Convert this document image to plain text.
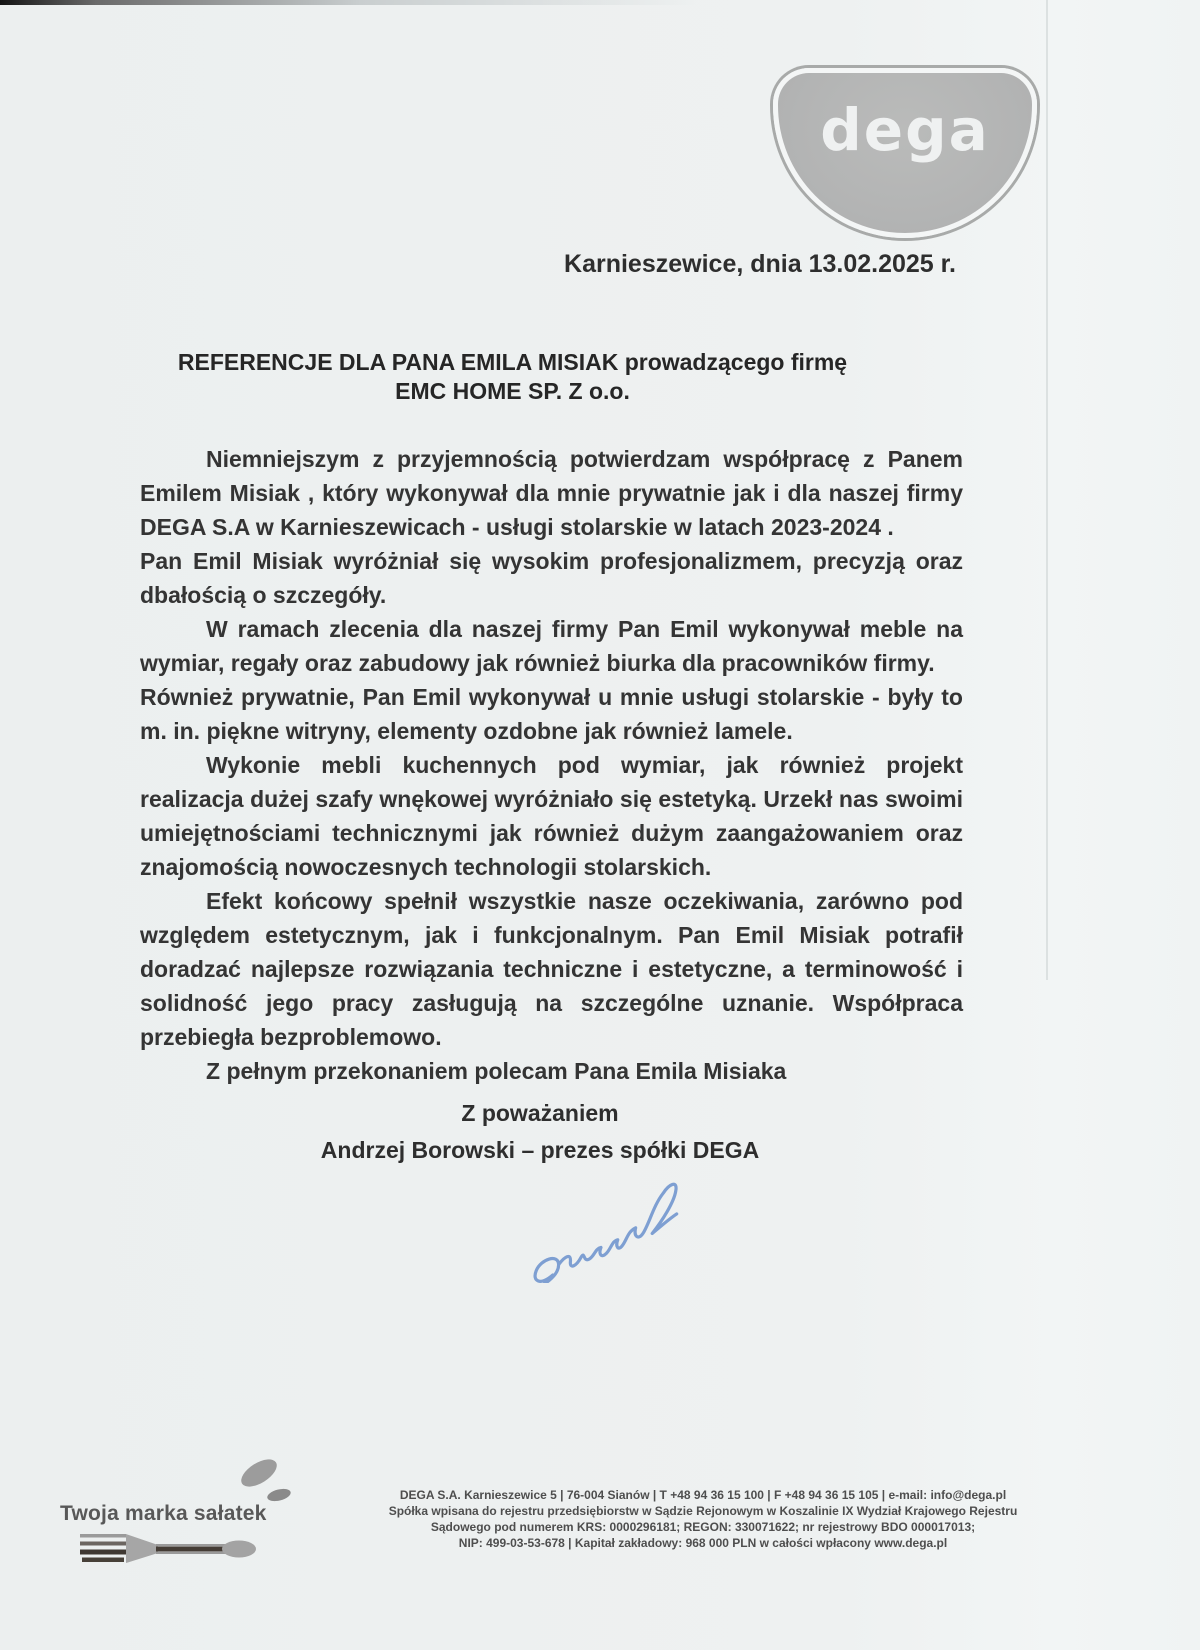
dega
Karnieszewice, dnia 13.02.2025 r.
REFERENCJE DLA PANA EMILA MISIAK prowadzącego firmę
EMC HOME SP. Z o.o.

Niemniejszym z przyjemnością potwierdzam współpracę z Panem Emilem Misiak , który wykonywał dla mnie prywatnie jak i dla naszej firmy DEGA S.A w Karnieszewicach - usługi stolarskie w latach 2023-2024 .

Pan Emil Misiak wyróżniał się wysokim profesjonalizmem, precyzją oraz dbałością o szczegóły.

W ramach zlecenia dla naszej firmy Pan Emil wykonywał meble na wymiar, regały oraz zabudowy jak również biurka dla pracowników firmy.

Również prywatnie, Pan Emil wykonywał u mnie usługi stolarskie - były to m. in. piękne witryny, elementy ozdobne jak również lamele.

Wykonie mebli kuchennych pod wymiar, jak również projekt realizacja dużej szafy wnękowej wyróżniało się estetyką. Urzekł nas swoimi umiejętnościami technicznymi jak również dużym zaangażowaniem oraz znajomością nowoczesnych technologii stolarskich.

Efekt końcowy spełnił wszystkie nasze oczekiwania, zarówno pod względem estetycznym, jak i funkcjonalnym. Pan Emil Misiak potrafił doradzać najlepsze rozwiązania techniczne i estetyczne, a terminowość i solidność jego pracy zasługują na szczególne uznanie. Współpraca przebiegła bezproblemowo.

Z pełnym przekonaniem polecam Pana Emila Misiaka

Z poważaniem
Andrzej Borowski – prezes spółki DEGA
Twoja marka sałatek
DEGA S.A. Karnieszewice 5 | 76-004 Sianów | T +48 94 36 15 100 | F +48 94 36 15 105 | e-mail: info@dega.pl
Spółka wpisana do rejestru przedsiębiorstw w Sądzie Rejonowym w Koszalinie IX Wydział Krajowego Rejestru
Sądowego pod numerem KRS: 0000296181; REGON: 330071622; nr rejestrowy BDO 000017013;
NIP: 499-03-53-678 | Kapitał zakładowy: 968 000 PLN w całości wpłacony www.dega.pl
